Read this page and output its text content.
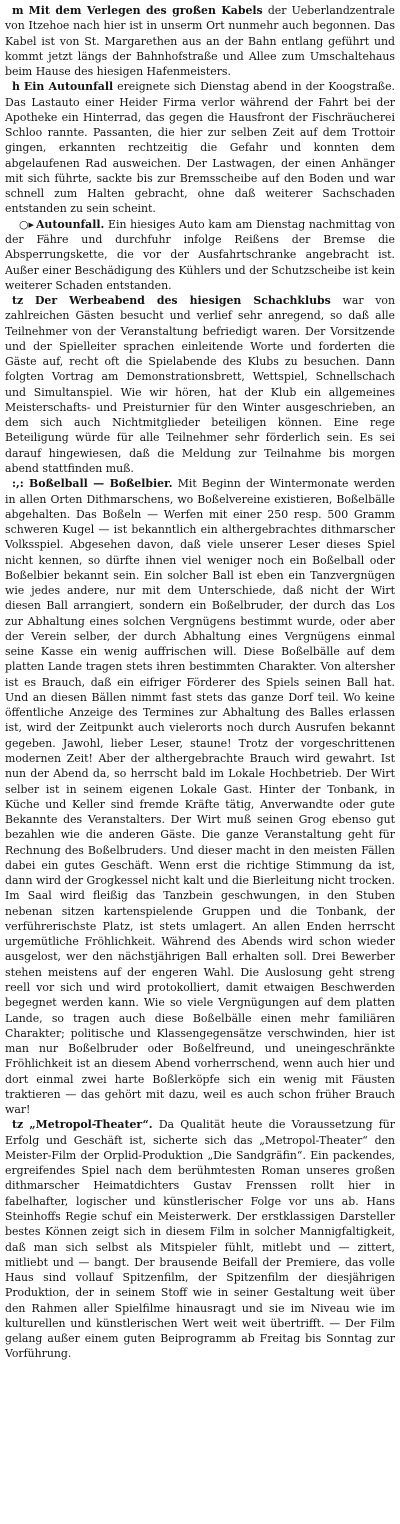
m Mit dem Verlegen des großen Kabels der Ueberlandzentrale von Itzehoe nach hier ist in unserm Ort nunmehr auch begonnen. Das Kabel ist von St. Margarethen aus an der Bahn entlang geführt und kommt jetzt längs der Bahnhofstraße und Allee zum Umschaltehaus beim Hause des hiesigen Hafenmeisters.

h Ein Autounfall ereignete sich Dienstag abend in der Koogstraße. Das Lastauto einer Heider Firma verlor während der Fahrt bei der Apotheke ein Hinterrad, das gegen die Hausfront der Fischräucherei Schloo rannte. Passanten, die hier zur selben Zeit auf dem Trottoir gingen, erkannten rechtzeitig die Gefahr und konnten dem abgelaufenen Rad ausweichen. Der Lastwagen, der einen Anhänger mit sich führte, sackte bis zur Bremsscheibe auf den Boden und war schnell zum Halten gebracht, ohne daß weiterer Sachschaden entstanden zu sein scheint.

○▸ Autounfall. Ein hiesiges Auto kam am Dienstag nachmittag von der Fähre und durchfuhr infolge Reißens der Bremse die Absperrungskette, die vor der Ausfahrtschranke angebracht ist. Außer einer Beschädigung des Kühlers und der Schutzscheibe ist kein weiterer Schaden entstanden.

tz Der Werbeabend des hiesigen Schachklubs war von zahlreichen Gästen besucht und verlief sehr anregend, so daß alle Teilnehmer von der Veranstaltung befriedigt waren. Der Vorsitzende und der Spielleiter sprachen einleitende Worte und forderten die Gäste auf, recht oft die Spielabende des Klubs zu besuchen. Dann folgten Vortrag am Demonstrationsbrett, Wettspiel, Schnellschach und Simultanspiel. Wie wir hören, hat der Klub ein allgemeines Meisterschafts- und Preisturnier für den Winter ausgeschrieben, an dem sich auch Nichtmitglieder beteiligen können. Eine rege Beteiligung würde für alle Teilnehmer sehr förderlich sein. Es sei darauf hingewiesen, daß die Meldung zur Teilnahme bis morgen abend stattfinden muß.

:,: Boßelball — Boßelbier. Mit Beginn der Wintermonate werden in allen Orten Dithmarschens, wo Boßelvereine existieren, Boßelbälle abgehalten. Das Boßeln — Werfen mit einer 250 resp. 500 Gramm schweren Kugel — ist bekanntlich ein althergebrachtes dithmarscher Volksspiel. Abgesehen davon, daß viele unserer Leser dieses Spiel nicht kennen, so dürfte ihnen viel weniger noch ein Boßelball oder Boßelbier bekannt sein. Ein solcher Ball ist eben ein Tanzvergnügen wie jedes andere, nur mit dem Unterschiede, daß nicht der Wirt diesen Ball arrangiert, sondern ein Boßelbruder, der durch das Los zur Abhaltung eines solchen Vergnügens bestimmt wurde, oder aber der Verein selber, der durch Abhaltung eines Vergnügens einmal seine Kasse ein wenig auffrischen will. Diese Boßelbälle auf dem platten Lande tragen stets ihren bestimmten Charakter. Von altersher ist es Brauch, daß ein eifriger Förderer des Spiels seinen Ball hat. Und an diesen Bällen nimmt fast stets das ganze Dorf teil. Wo keine öffentliche Anzeige des Termines zur Abhaltung des Balles erlassen ist, wird der Zeitpunkt auch vielerorts noch durch Ausrufen bekannt gegeben. Jawohl, lieber Leser, staune! Trotz der vorgeschrittenen modernen Zeit! Aber der althergebrachte Brauch wird gewahrt. Ist nun der Abend da, so herrscht bald im Lokale Hochbetrieb. Der Wirt selber ist in seinem eigenen Lokale Gast. Hinter der Tonbank, in Küche und Keller sind fremde Kräfte tätig, Anverwandte oder gute Bekannte des Veranstalters. Der Wirt muß seinen Grog ebenso gut bezahlen wie die anderen Gäste. Die ganze Veranstaltung geht für Rechnung des Boßelbruders. Und dieser macht in den meisten Fällen dabei ein gutes Geschäft. Wenn erst die richtige Stimmung da ist, dann wird der Grogkessel nicht kalt und die Bierleitung nicht trocken. Im Saal wird fleißig das Tanzbein geschwungen, in den Stuben nebenan sitzen kartenspielende Gruppen und die Tonbank, der verführerischste Platz, ist stets umlagert. An allen Enden herrscht urgemütliche Fröhlichkeit. Während des Abends wird schon wieder ausgelost, wer den nächstjährigen Ball erhalten soll. Drei Bewerber stehen meistens auf der engeren Wahl. Die Auslosung geht streng reell vor sich und wird protokolliert, damit etwaigen Beschwerden begegnet werden kann. Wie so viele Vergnügungen auf dem platten Lande, so tragen auch diese Boßelbälle einen mehr familiären Charakter; politische und Klassengegensätze verschwinden, hier ist man nur Boßelbruder oder Boßelfreund, und uneingeschränkte Fröhlichkeit ist an diesem Abend vorherrschend, wenn auch hier und dort einmal zwei harte Boßlerköpfe sich ein wenig mit Fäusten traktieren — das gehört mit dazu, weil es auch schon früher Brauch war!

tz „Metropol-Theater“. Da Qualität heute die Voraussetzung für Erfolg und Geschäft ist, sicherte sich das „Metropol-Theater“ den Meister-Film der Orplid-Produktion „Die Sandgräfin“. Ein packendes, ergreifendes Spiel nach dem berühmtesten Roman unseres großen dithmarscher Heimatdichters Gustav Frenssen rollt hier in fabelhafter, logischer und künstlerischer Folge vor uns ab. Hans Steinhoffs Regie schuf ein Meisterwerk. Der erstklassigen Darsteller bestes Können zeigt sich in diesem Film in solcher Mannigfaltigkeit, daß man sich selbst als Mitspieler fühlt, mitlebt und — zittert, mitliebt und — bangt. Der brausende Beifall der Premiere, das volle Haus sind vollauf Spitzenfilm, der Spitzenfilm der diesjährigen Produktion, der in seinem Stoff wie in seiner Gestaltung weit über den Rahmen aller Spielfilme hinausragt und sie im Niveau wie im kulturellen und künstlerischen Wert weit weit übertrifft. — Der Film gelang außer einem guten Beiprogramm ab Freitag bis Sonntag zur Vorführung.
